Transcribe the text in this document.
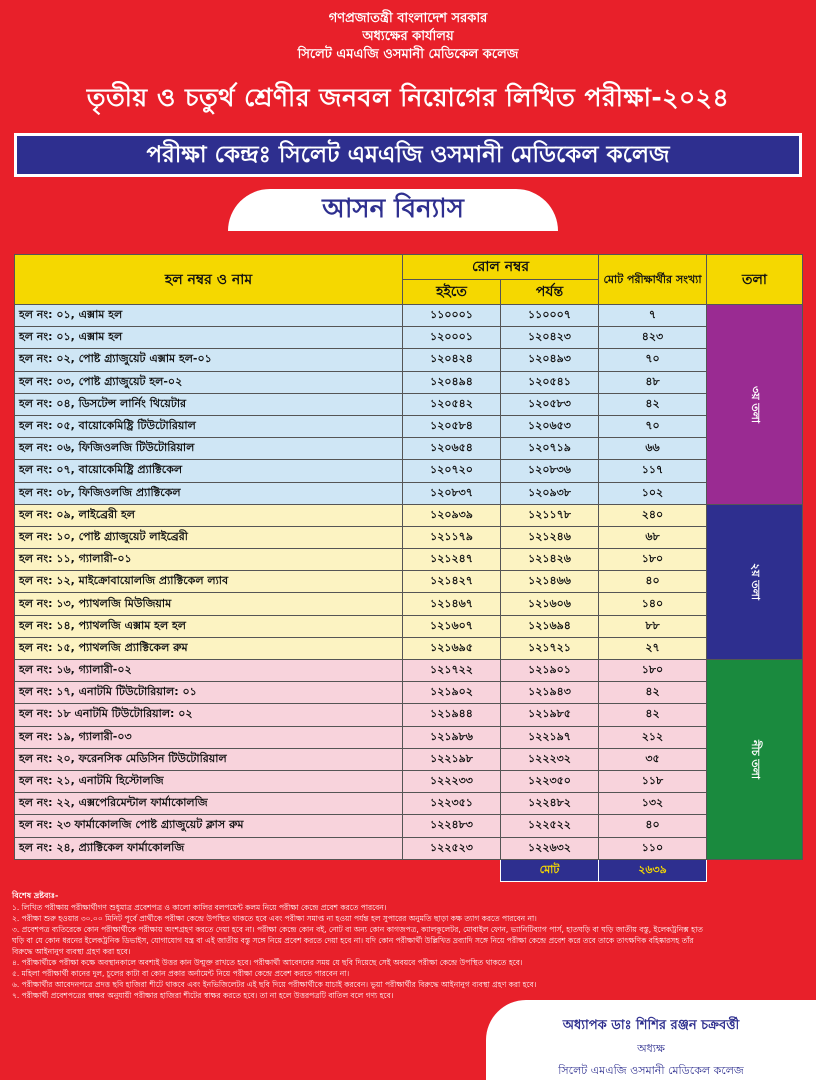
গণপ্রজাতন্ত্রী বাংলাদেশ সরকার
অধ্যক্ষের কার্যালয়
সিলেট এমএজি ওসমানী মেডিকেল কলেজ
তৃতীয় ও চতুর্থ শ্রেণীর জনবল নিয়োগের লিখিত পরীক্ষা-২০২৪
পরীক্ষা কেন্দ্রঃ সিলেট এমএজি ওসমানী মেডিকেল কলেজ
আসন বিন্যাস
হল নম্বর ও নাম	রোল নম্বর		মোট পরীক্ষার্থীর সংখ্যা	তলা
	হইতে	পর্যন্ত		
হল নং: ০১, এক্সাম হল	১১০০০১	১১০০০৭	৭	৩য় তলা
হল নং: ০১, এক্সাম হল	১২০০০১	১২০৪২৩	৪২৩	
হল নং: ০২, পোষ্ট গ্র্যাজুয়েট এক্সাম হল-০১	১২০৪২৪	১২০৪৯৩	৭০	
হল নং: ০৩, পোষ্ট গ্র্যাজুয়েট হল-০২	১২০৪৯৪	১২০৫৪১	৪৮	
হল নং: ০৪, ডিসটেন্স লার্নিং থিয়েটার	১২০৫৪২	১২০৫৮৩	৪২	
হল নং: ০৫, বায়োকেমিষ্ট্রি টিউটোরিয়াল	১২০৫৮৪	১২০৬৫৩	৭০	
হল নং: ০৬, ফিজিওলজি টিউটোরিয়াল	১২০৬৫৪	১২০৭১৯	৬৬	
হল নং: ০৭, বায়োকেমিষ্ট্রি প্র্যাক্টিকেল	১২০৭২০	১২০৮৩৬	১১৭	
হল নং: ০৮, ফিজিওলজি প্র্যাক্টিকেল	১২০৮৩৭	১২০৯৩৮	১০২	
হল নং: ০৯, লাইব্রেরী হল	১২০৯৩৯	১২১১৭৮	২৪০	২য় তলা
হল নং: ১০, পোষ্ট গ্র্যাজুয়েট লাইব্রেরী	১২১১৭৯	১২১২৪৬	৬৮	
হল নং: ১১, গ্যালারী-০১	১২১২৪৭	১২১৪২৬	১৮০	
হল নং: ১২, মাইক্রোবায়োলজি প্র্যাক্টিকেল ল্যাব	১২১৪২৭	১২১৪৬৬	৪০	
হল নং: ১৩, প্যাথলজি মিউজিয়াম	১২১৪৬৭	১২১৬০৬	১৪০	
হল নং: ১৪, প্যাথলজি এক্সাম হল হল	১২১৬০৭	১২১৬৯৪	৮৮	
হল নং: ১৫, প্যাথলজি প্র্যাক্টিকেল রুম	১২১৬৯৫	১২১৭২১	২৭	
হল নং: ১৬, গ্যালারী-০২	১২১৭২২	১২১৯০১	১৮০	নীচ তলা
হল নং: ১৭, এনাটমি টিউটোরিয়াল: ০১	১২১৯০২	১২১৯৪৩	৪২	
হল নং: ১৮ এনাটমি টিউটোরিয়াল: ০২	১২১৯৪৪	১২১৯৮৫	৪২	
হল নং: ১৯, গ্যালারী-০৩	১২১৯৮৬	১২২১৯৭	২১২	
হল নং: ২০, ফরেনসিক মেডিসিন টিউটোরিয়াল	১২২১৯৮	১২২২৩২	৩৫	
হল নং: ২১, এনাটমি হিস্টোলজি	১২২২৩৩	১২২৩৫০	১১৮	
হল নং: ২২, এক্সপেরিমেন্টাল ফার্মাকোলজি	১২২৩৫১	১২২৪৮২	১৩২	
হল নং: ২৩ ফার্মাকোলজি পোষ্ট গ্র্যাজুয়েট ক্লাস রুম	১২২৪৮৩	১২২৫২২	৪০	
হল নং: ২৪, প্র্যাক্টিকেল ফার্মাকোলজি	১২২৫২৩	১২২৬৩২	১১০	
		মোট	২৬৩৯	
বিশেষ দ্রষ্টব্যঃ-
১. লিখিত পরীক্ষায় পরীক্ষার্থীগণ শুধুমাত্র প্রবেশপত্র ও কালো কালির বলপয়েন্ট কলম নিয়ে পরীক্ষা কেন্দ্রে প্রবেশ করতে পারবেন।
২. পরীক্ষা শুরু হওয়ার ৩০.০০ মিনিট পূর্বে প্রার্থীকে পরীক্ষা কেন্দ্রে উপস্থিত থাকতে হবে এবং পরীক্ষা সমাপ্ত না হওয়া পর্যন্ত হল সুপারের অনুমতি ছাড়া কক্ষ ত্যাগ করতে পারবেন না।
৩. প্রবেশপত্র ব্যতিরেকে কোন পরীক্ষার্থীকে পরীক্ষায় অংশগ্রহণ করতে দেয়া হবে না। পরীক্ষা কেন্দ্রে কোন বই, নোট বা অন্য কোন কাগজপত্র, ক্যালকুলেটর, মোবাইল ফোন, ভ্যানিটিব্যাগ পার্স, হাতঘড়ি বা ঘড়ি জাতীয় বস্তু, ইলেকট্রনিক্স হাত ঘড়ি বা যে কোন ধরনের ইলেকট্রনিক ডিভাইস, যোগাযোগ যন্ত্র বা এই জাতীয় বস্তু সঙ্গে নিয়ে প্রবেশ করতে দেয়া হবে না। যদি কোন পরীক্ষার্থী উল্লিখিত দ্রব্যাদি সঙ্গে নিয়ে পরীক্ষা কেন্দ্রে প্রবেশ করে তবে তাকে তাৎক্ষণিক বহিষ্কারসহ তাঁর বিরুদ্ধে আইনানুগ ব্যবস্থা গ্রহণ করা হবে।
৪. পরীক্ষার্থীকে পরীক্ষা কক্ষে অবস্থানকালে অবশ্যই উত্তর কান উন্মুক্ত রাখতে হবে। পরীক্ষার্থী আবেদনের সময় যে ছবি দিয়েছে সেই অবয়বে পরীক্ষা কেন্দ্রে উপস্থিত থাকতে হবে।
৫. মহিলা পরীক্ষার্থী কানের দুল, চুলের কাটা বা কোন প্রকার অর্নামেন্ট নিয়ে পরীক্ষা কেন্দ্রে প্রবেশ করতে পারবেন না।
৬. পরীক্ষার্থীর আবেদনপত্রে প্রদত্ত ছবি হাজিরা শীটে থাকবে এবং ইনভিজিলেটর এই ছবি দিয়ে পরীক্ষার্থীকে যাচাই করবেন। ভুয়া পরীক্ষার্থীর বিরুদ্ধে আইনানুগ ব্যবস্থা গ্রহণ করা হবে।
৭. পরীক্ষার্থী প্রবেশপত্রের স্বাক্ষর অনুযায়ী পরীক্ষার হাজিরা শীটের স্বাক্ষর করতে হবে। তা না হলে উত্তরপত্রটি বাতিল বলে গণ্য হবে।
অধ্যাপক ডাঃ শিশির রঞ্জন চক্রবর্ত্তী
অধ্যক্ষ
সিলেট এমএজি ওসমানী মেডিকেল কলেজ
